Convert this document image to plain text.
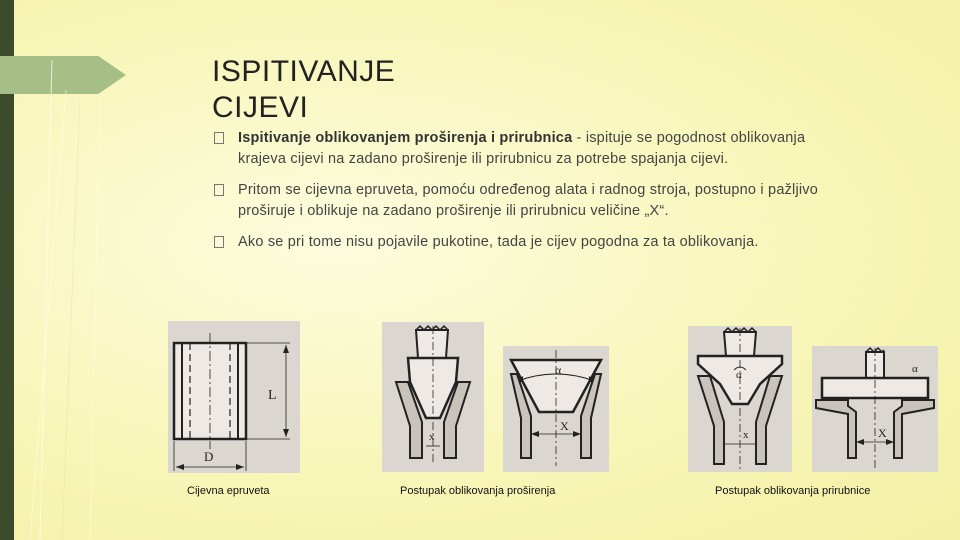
ISPITIVANJE
CIJEVI
Ispitivanje oblikovanjem proširenja i prirubnica - ispituje se pogodnost oblikovanja krajeva cijevi na zadano proširenje ili prirubnicu za potrebe spajanja cijevi.
Pritom se cijevna epruveta, pomoću određenog alata i radnog stroja, postupno i pažljivo proširuje i oblikuje na zadano proširenje ili prirubnicu veličine „X“.
Ako se pri tome nisu pojavile pukotine, tada je cijev pogodna za ta oblikovanja.
L
D
Cijevna epruveta
x
α
X
Postupak oblikovanja proširenja
α
x	X
α
Postupak oblikovanja prirubnice
